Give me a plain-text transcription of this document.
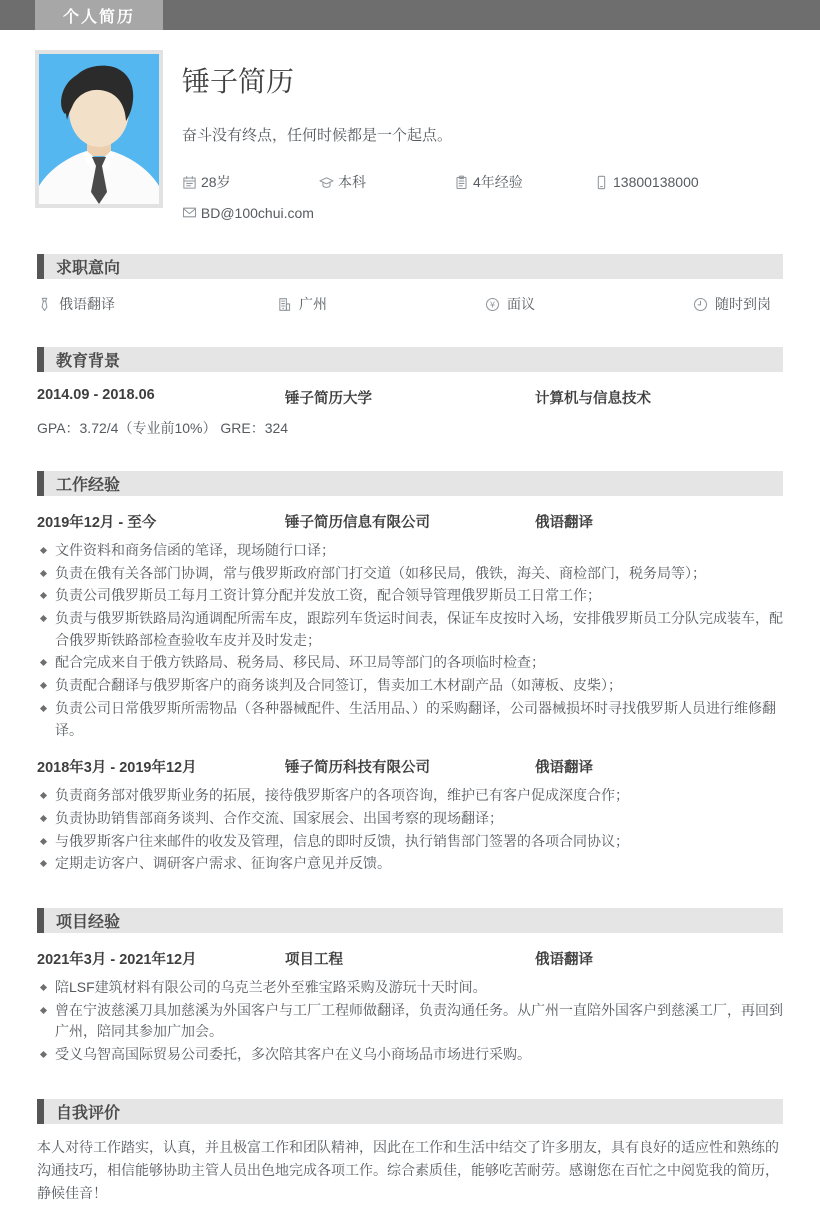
个人简历
锤子简历
奋斗没有终点，任何时候都是一个起点。
28岁	本科	4年经验	13800138000
BD@100chui.com
求职意向
俄语翻译	广州	¥ 面议	随时到岗
教育背景
2014.09 - 2018.06	锤子简历大学	计算机与信息技术
GPA：3.72/4（专业前10%） GRE：324
工作经验
2019年12月 - 至今	锤子简历信息有限公司	俄语翻译
文件资料和商务信函的笔译，现场随行口译；
负责在俄有关各部门协调，常与俄罗斯政府部门打交道（如移民局，俄铁，海关、商检部门，税务局等）；
负责公司俄罗斯员工每月工资计算分配并发放工资，配合领导管理俄罗斯员工日常工作；
负责与俄罗斯铁路局沟通调配所需车皮，跟踪列车货运时间表，保证车皮按时入场，安排俄罗斯员工分队完成装车，配合俄罗斯铁路部检查验收车皮并及时发走；
配合完成来自于俄方铁路局、税务局、移民局、环卫局等部门的各项临时检查；
负责配合翻译与俄罗斯客户的商务谈判及合同签订，售卖加工木材副产品（如薄板、皮柴）；
负责公司日常俄罗斯所需物品（各种器械配件、生活用品、）的采购翻译，公司器械损坏时寻找俄罗斯人员进行维修翻译。
2018年3月 - 2019年12月	锤子简历科技有限公司	俄语翻译
负责商务部对俄罗斯业务的拓展，接待俄罗斯客户的各项咨询，维护已有客户促成深度合作；
负责协助销售部商务谈判、合作交流、国家展会、出国考察的现场翻译；
与俄罗斯客户往来邮件的收发及管理，信息的即时反馈，执行销售部门签署的各项合同协议；
定期走访客户、调研客户需求、征询客户意见并反馈。
项目经验
2021年3月 - 2021年12月	项目工程	俄语翻译
陪LSF建筑材料有限公司的乌克兰老外至雅宝路采购及游玩十天时间。
曾在宁波慈溪刀具加慈溪为外国客户与工厂工程师做翻译，负责沟通任务。从广州一直陪外国客户到慈溪工厂，再回到广州，陪同其参加广加会。
受义乌智高国际贸易公司委托，多次陪其客户在义乌小商场品市场进行采购。
自我评价
本人对待工作踏实，认真，并且极富工作和团队精神，因此在工作和生活中结交了许多朋友，具有良好的适应性和熟练的沟通技巧，相信能够协助主管人员出色地完成各项工作。综合素质佳，能够吃苦耐劳。感谢您在百忙之中阅览我的简历，静候佳音！
